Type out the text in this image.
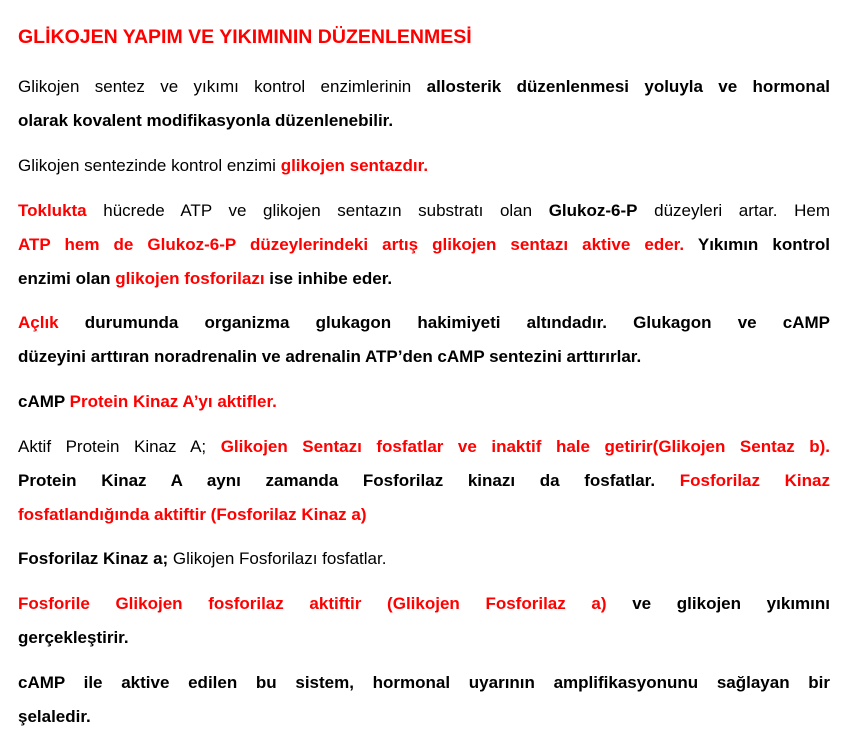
GLİKOJEN YAPIM VE YIKIMININ DÜZENLENMESİ

Glikojen sentez ve yıkımı kontrol enzimlerinin allosterik düzenlenmesi yoluyla ve hormonal
olarak kovalent modifikasyonla düzenlenebilir.

Glikojen sentezinde kontrol enzimi glikojen sentazdır.

Toklukta hücrede ATP ve glikojen sentazın substratı olan Glukoz-6-P düzeyleri artar. Hem
ATP hem de Glukoz-6-P düzeylerindeki artış glikojen sentazı aktive eder. Yıkımın kontrol
enzimi olan glikojen fosforilazı ise inhibe eder.

Açlık durumunda organizma glukagon hakimiyeti altındadır. Glukagon ve cAMP
düzeyini arttıran noradrenalin ve adrenalin ATP’den cAMP sentezini arttırırlar.

cAMP Protein Kinaz A’yı aktifler.

Aktif Protein Kinaz A; Glikojen Sentazı fosfatlar ve inaktif hale getirir(Glikojen Sentaz b).
Protein Kinaz A aynı zamanda Fosforilaz kinazı da fosfatlar. Fosforilaz Kinaz
fosfatlandığında aktiftir (Fosforilaz Kinaz a)

Fosforilaz Kinaz a; Glikojen Fosforilazı fosfatlar.

Fosforile Glikojen fosforilaz aktiftir (Glikojen Fosforilaz a) ve glikojen yıkımını
gerçekleştirir.

cAMP ile aktive edilen bu sistem, hormonal uyarının amplifikasyonunu sağlayan bir
şelaledir.
